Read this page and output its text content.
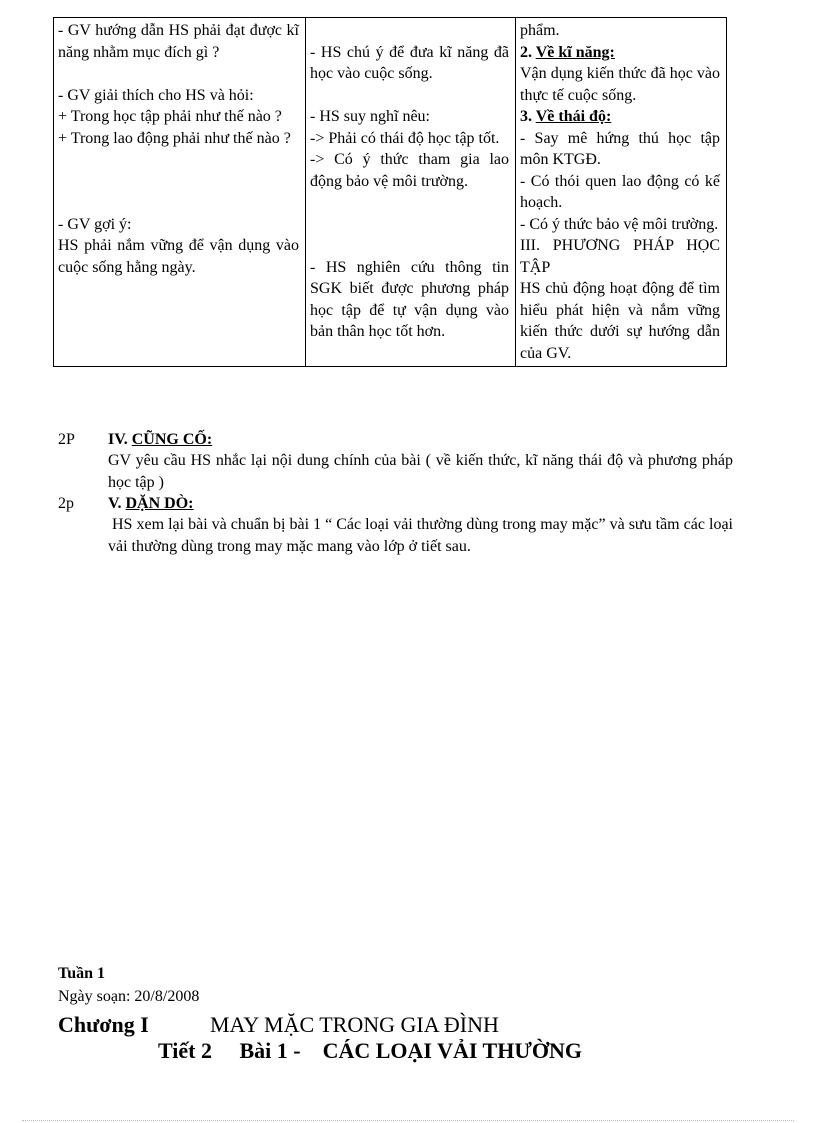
- GV hướng dẫn HS phải đạt được kĩ năng nhằm mục đích gì ?
- GV giải thích cho HS và hỏi:
+ Trong học tập phải như thế nào ?
+ Trong lao động phải như thế nào ?
- GV gợi ý:
HS phải nắm vững để vận dụng vào cuộc sống hằng ngày.

- HS chú ý để đưa kĩ năng đã học vào cuộc sống.
- HS suy nghĩ nêu:
-> Phải có thái độ học tập tốt.
-> Có ý thức tham gia lao động bảo vệ môi trường.
- HS nghiên cứu thông tin SGK biết được phương pháp học tập để tự vận dụng vào bản thân học tốt hơn.

phẩm.
2. Về kĩ năng:
Vận dụng kiến thức đã học vào thực tế cuộc sống.
3. Về thái độ:
- Say mê hứng thú học tập môn KTGĐ.
- Có thói quen lao động có kế hoạch.
- Có ý thức bảo vệ môi trường.
III. PHƯƠNG PHÁP HỌC TẬP
HS chủ động hoạt động để tìm hiểu phát hiện và nắm vững kiến thức dưới sự hướng dẫn của GV.
2P IV. CŨNG CỐ:
GV yêu cầu HS nhắc lại nội dung chính của bài ( về kiến thức, kĩ năng thái độ và phương pháp học tập )
2p V. DẶN DÒ:
HS xem lại bài và chuẩn bị bài 1 “ Các loại vải thường dùng trong may mặc” và sưu tầm các loại vải thường dùng trong may mặc mang vào lớp ở tiết sau.
Tuần 1
Ngày soạn: 20/8/2008
Chương I	MAY MẶC TRONG GIA ĐÌNH
Tiết 2     Bài 1 -    CÁC LOẠI VẢI THƯỜNG
